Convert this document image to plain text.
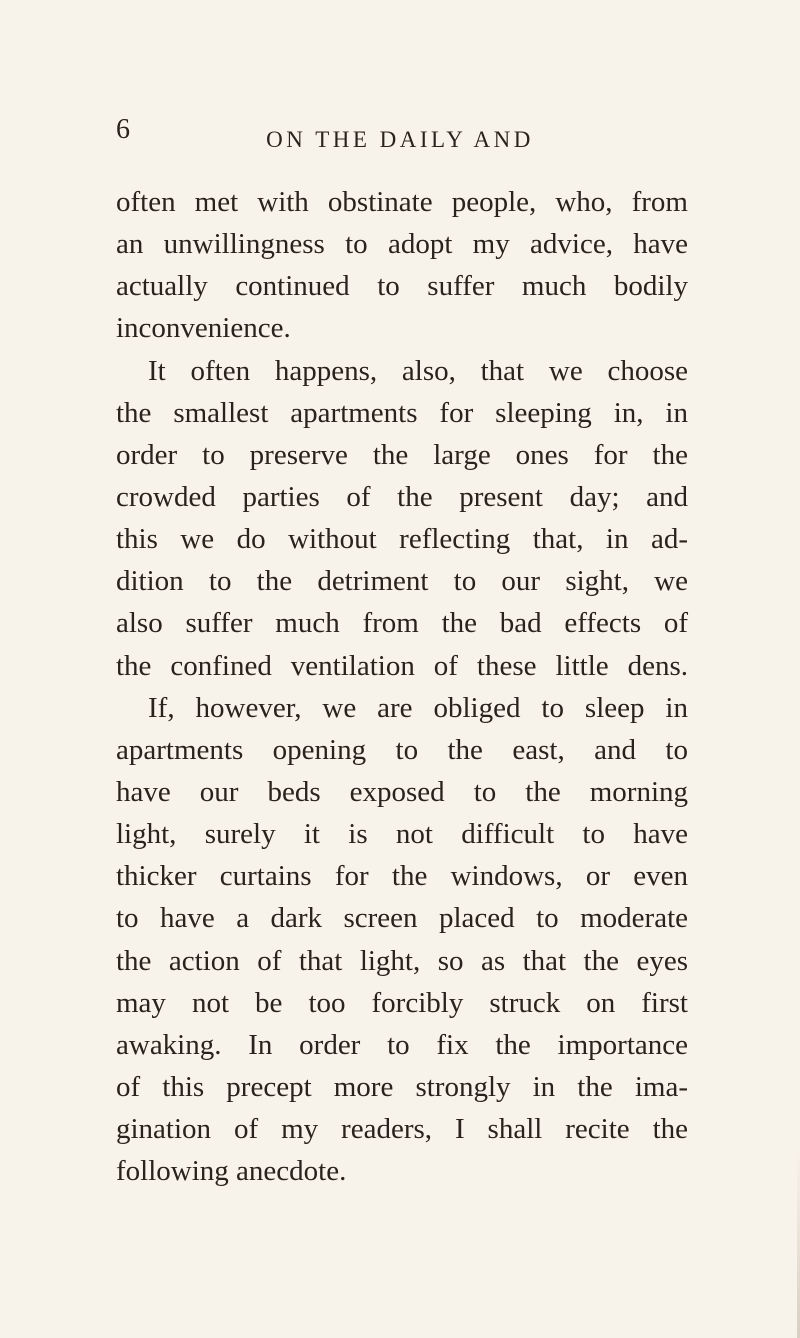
6	ON THE DAILY AND
often met with obstinate people, who, from
an unwillingness to adopt my advice, have
actually continued to suffer much bodily
inconvenience.
It often happens, also, that we choose
the smallest apartments for sleeping in, in
order to preserve the large ones for the
crowded parties of the present day; and
this we do without reflecting that, in ad-
dition to the detriment to our sight, we
also suffer much from the bad effects of
the confined ventilation of these little dens.
If, however, we are obliged to sleep in
apartments opening to the east, and to
have our beds exposed to the morning
light, surely it is not difficult to have
thicker curtains for the windows, or even
to have a dark screen placed to moderate
the action of that light, so as that the eyes
may not be too forcibly struck on first
awaking. In order to fix the importance
of this precept more strongly in the ima-
gination of my readers, I shall recite the
following anecdote.
